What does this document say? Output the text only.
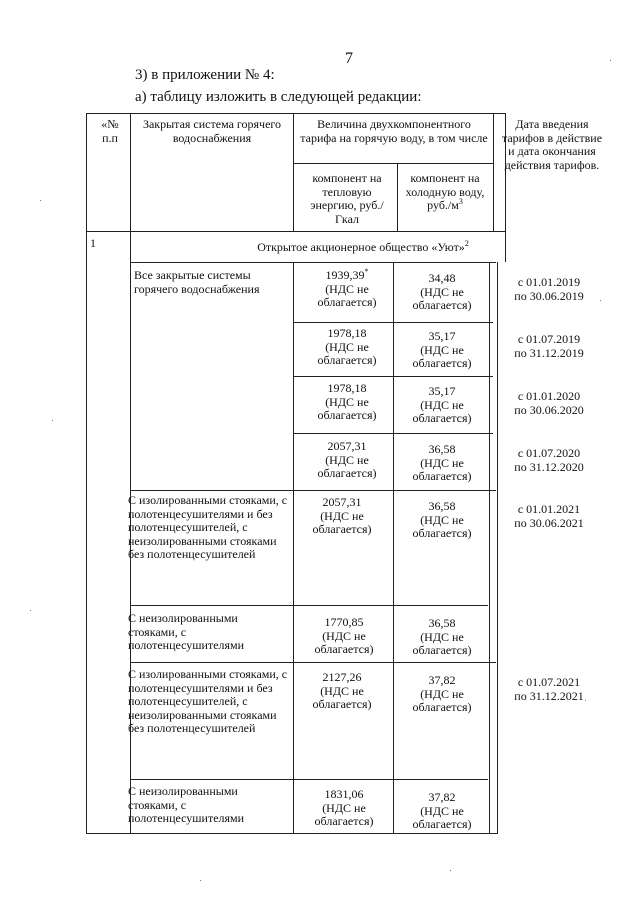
7
3) в приложении № 4:
а) таблицу изложить в следующей редакции:
«№ п.п
Закрытая система горячего водоснабжения
Величина двухкомпонентного тарифа на горячую воду, в том числе
компонент на тепловую энергию, руб./Гкал
компонент на холодную воду, $руб./м^3$
Дата введения тарифов в действие и дата окончания действия тарифов.
1	Открытое акционерное общество «Уют»$^2$
Все закрытые системы горячего водоснабжения
С изолированными стояками, с полотенцесушителями и без полотенцесушителей, с неизолированными стояками без полотенцесушителей
С неизолированными стояками, с полотенцесушителями
С изолированными стояками, с полотенцесушителями и без полотенцесушителей, с неизолированными стояками без полотенцесушителей
С неизолированными стояками, с полотенцесушителями
1939,39*
(НДС не облагается)
1978,18
(НДС не облагается)
1978,18
(НДС не облагается)
2057,31
(НДС не облагается)
2057,31
(НДС не облагается)
1770,85
(НДС не облагается)
2127,26
(НДС не облагается)
1831,06
(НДС не облагается)
34,48
(НДС не облагается)
35,17
(НДС не облагается)
35,17
(НДС не облагается)
36,58
(НДС не облагается)
36,58
(НДС не облагается)
36,58
(НДС не облагается)
37,82
(НДС не облагается)
37,82
(НДС не облагается)
с 01.01.2019
по 30.06.2019
с 01.07.2019
по 31.12.2019
с 01.01.2020
по 30.06.2020
с 01.07.2020
по 31.12.2020
с 01.01.2021
по 30.06.2021
с 01.07.2021
по 31.12.2021
